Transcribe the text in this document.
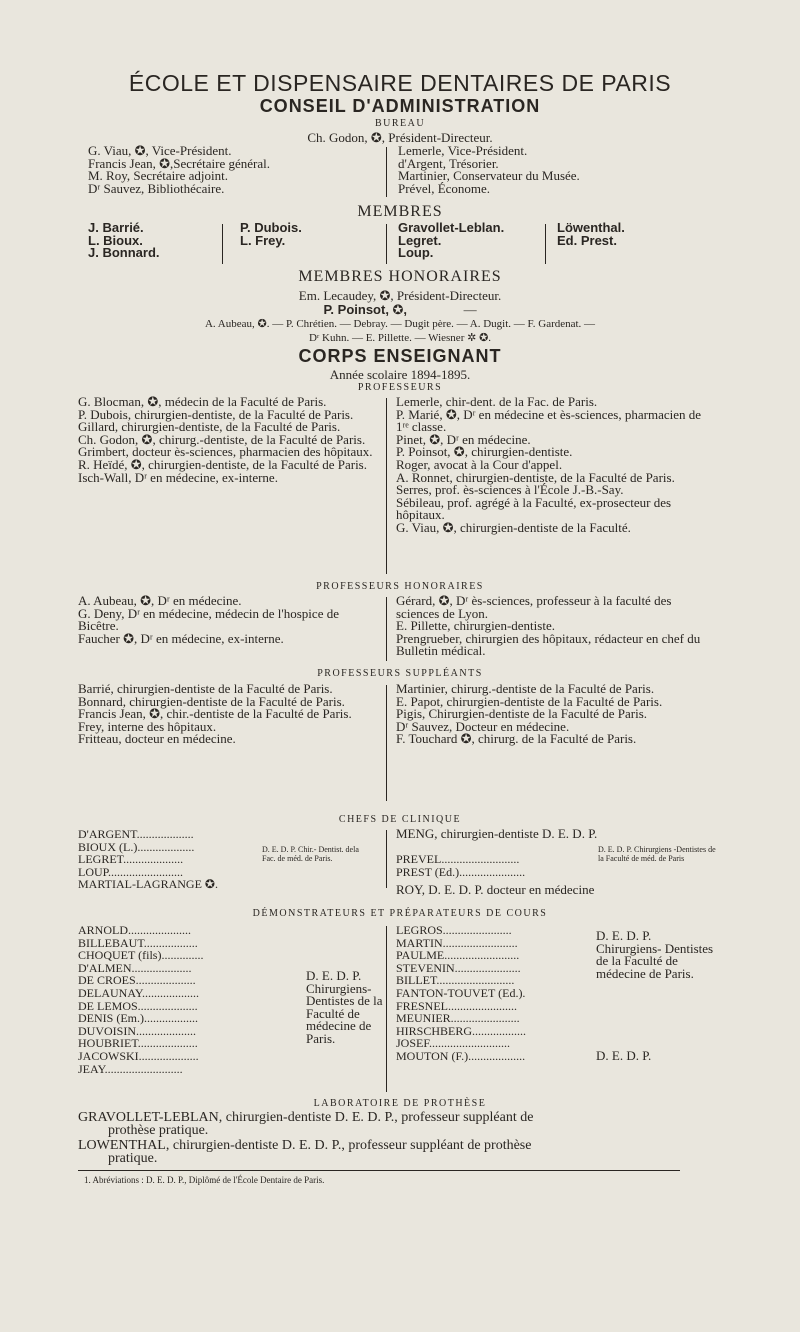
ÉCOLE ET DISPENSAIRE DENTAIRES DE PARIS
CONSEIL D'ADMINISTRATION
BUREAU
Ch. Godon, ✪, Président-Directeur.
G. Viau, ✪, Vice-Président.
Francis Jean, ✪,Secrétaire général.
M. Roy, Secrétaire adjoint.
Dʳ Sauvez, Bibliothécaire.
Lemerle, Vice-Président.
d'Argent, Trésorier.
Martinier, Conservateur du Musée.
Prével, Économe.
MEMBRES
J. Barrié.
L. Bioux.
J. Bonnard.
P. Dubois.
L. Frey.
Gravollet-Leblan.
Legret.
Loup.
Löwenthal.
Ed. Prest.
MEMBRES HONORAIRES
Em. Lecaudey, ✪, Président-Directeur.
P. Poinsot, ✪,	—
A. Aubeau, ✪. — P. Chrétien. — Debray. — Dugit père. — A. Dugit. — F. Gardenat. —
Dʳ Kuhn. — E. Pillette. — Wiesner ✲ ✪.
CORPS ENSEIGNANT
Année scolaire 1894-1895.
PROFESSEURS
G. Blocman, ✪, médecin de la Faculté de Paris.
P. Dubois, chirurgien-dentiste, de la Faculté de Paris.
Gillard, chirurgien-dentiste, de la Faculté de Paris.
Ch. Godon, ✪, chirurg.-dentiste, de la Faculté de Paris.
Grimbert, docteur ès-sciences, pharmacien des hôpitaux.
R. Heïdé, ✪, chirurgien-dentiste, de la Faculté de Paris.
Isch-Wall, Dʳ en médecine, ex-interne.
Lemerle, chir-dent. de la Fac. de Paris.
P. Marié, ✪, Dʳ en médecine et ès-sciences, pharmacien de 1ʳᵉ classe.
Pinet, ✪, Dʳ en médecine.
P. Poinsot, ✪, chirurgien-dentiste.
Roger, avocat à la Cour d'appel.
A. Ronnet, chirurgien-dentiste, de la Faculté de Paris.
Serres, prof. ès-sciences à l'École J.-B.-Say.
Sébileau, prof. agrégé à la Faculté, ex-prosecteur des hôpitaux.
G. Viau, ✪, chirurgien-dentiste de la Faculté.
PROFESSEURS HONORAIRES
A. Aubeau, ✪, Dʳ en médecine.
G. Deny, Dʳ en médecine, médecin de l'hospice de Bicêtre.
Faucher ✪, Dʳ en médecine, ex-interne.
Gérard, ✪, Dʳ ès-sciences, professeur à la faculté des sciences de Lyon.
E. Pillette, chirurgien-dentiste.
Prengrueber, chirurgien des hôpitaux, rédacteur en chef du Bulletin médical.
PROFESSEURS SUPPLÉANTS
Barrié, chirurgien-dentiste de la Faculté de Paris.
Bonnard, chirurgien-dentiste de la Faculté de Paris.
Francis Jean, ✪, chir.-dentiste de la Faculté de Paris.
Frey, interne des hôpitaux.
Fritteau, docteur en médecine.
Martinier, chirurg.-dentiste de la Faculté de Paris.
E. Papot, chirurgien-dentiste de la Faculté de Paris.
Pigis, Chirurgien-dentiste de la Faculté de Paris.
Dʳ Sauvez, Docteur en médecine.
F. Touchard ✪, chirurg. de la Faculté de Paris.
CHEFS DE CLINIQUE
D'ARGENT...................
BIOUX (L.)...................
LEGRET....................
LOUP.........................
MARTIAL-LAGRANGE ✪.
D. E. D. P. Chir.- Dentist. dela Fac. de méd. de Paris.
MENG, chirurgien-dentiste D. E. D. P.
PREVEL..........................
PREST (Ed.)......................
D. E. D. P. Chirurgiens -Dentistes de la Faculté de méd. de Paris
ROY, D. E. D. P. docteur en médecine
DÉMONSTRATEURS ET PRÉPARATEURS DE COURS
ARNOLD.....................
BILLEBAUT..................
CHOQUET (fils)..............
D'ALMEN....................
DE CROES....................
DELAUNAY...................
DE LEMOS....................
DENIS (Em.)..................
DUVOISIN....................
HOUBRIET....................
JACOWSKI....................
JEAY..........................
D. E. D. P. Chirurgiens- Dentistes de la Faculté de médecine de Paris.
LEGROS.......................
MARTIN.........................
PAULME.........................
STEVENIN......................
BILLET..........................
FANTON-TOUVET (Ed.).
FRESNEL.......................
MEUNIER.......................
HIRSCHBERG..................
JOSEF...........................
MOUTON (F.)...................
D. E. D. P. Chirurgiens- Dentistes de la Faculté de médecine de Paris.
D. E. D. P.
LABORATOIRE DE PROTHÈSE
GRAVOLLET-LEBLAN, chirurgien-dentiste D. E. D. P., professeur suppléant de
prothèse pratique.
LOWENTHAL, chirurgien-dentiste D. E. D. P., professeur suppléant de prothèse
pratique.
1. Abréviations : D. E. D. P., Diplômé de l'École Dentaire de Paris.
